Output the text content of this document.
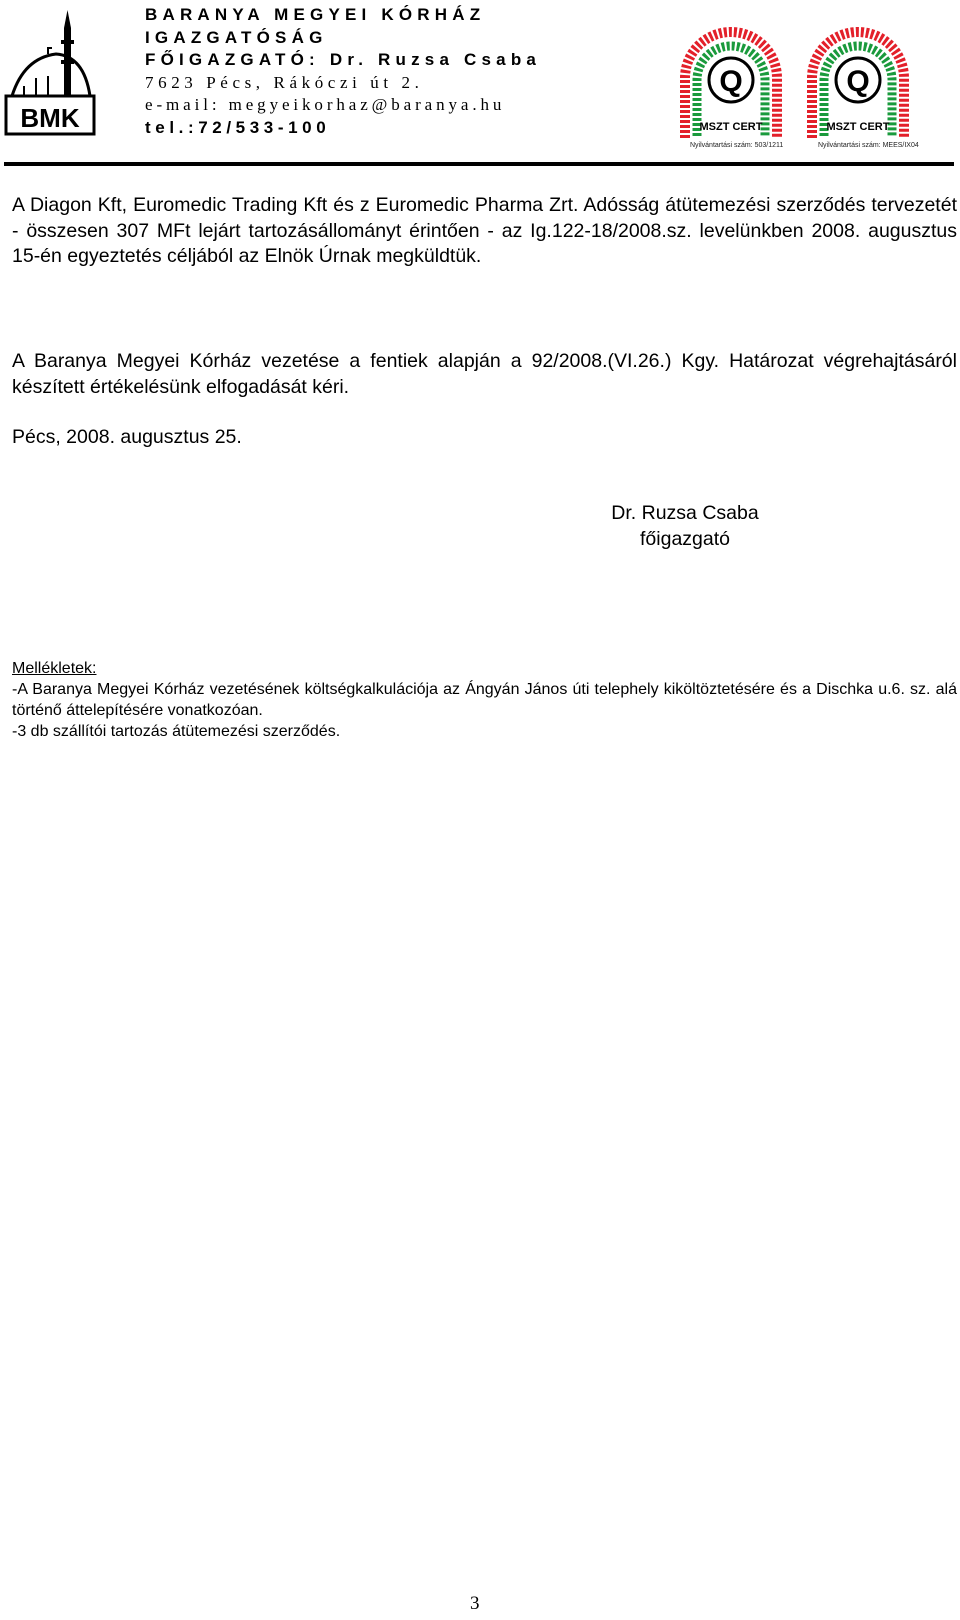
BMK
BARANYA MEGYEI KÓRHÁZ
IGAZGATÓSÁG
FŐIGAZGATÓ: Dr. Ruzsa Csaba
7623 Pécs, Rákóczi út 2.
e-mail: megyeikorhaz@baranya.hu
tel.:72/533-100
Q
MSZT CERT
Q
MSZT CERT
Nyilvántartási szám: 503/1211	Nyilvántartási szám: MEES/IX04

A Diagon Kft, Euromedic Trading Kft és z Euromedic Pharma Zrt. Adósság átütemezési szerződés tervezetét - összesen 307 MFt lejárt tartozásállományt érintően - az Ig.122-18/2008.sz. levelünkben 2008. augusztus 15-én egyeztetés céljából az Elnök Úrnak megküldtük.

A Baranya Megyei Kórház vezetése a fentiek alapján a 92/2008.(VI.26.) Kgy. Határozat végrehajtásáról készített értékelésünk elfogadását kéri.

Pécs, 2008. augusztus 25.

Dr. Ruzsa Csaba
főigazgató
Mellékletek:
-A Baranya Megyei Kórház vezetésének költségkalkulációja az Ángyán János úti telephely kiköltöztetésére és a Dischka u.6. sz. alá történő áttelepítésére vonatkozóan.
-3 db szállítói tartozás átütemezési szerződés.
3
